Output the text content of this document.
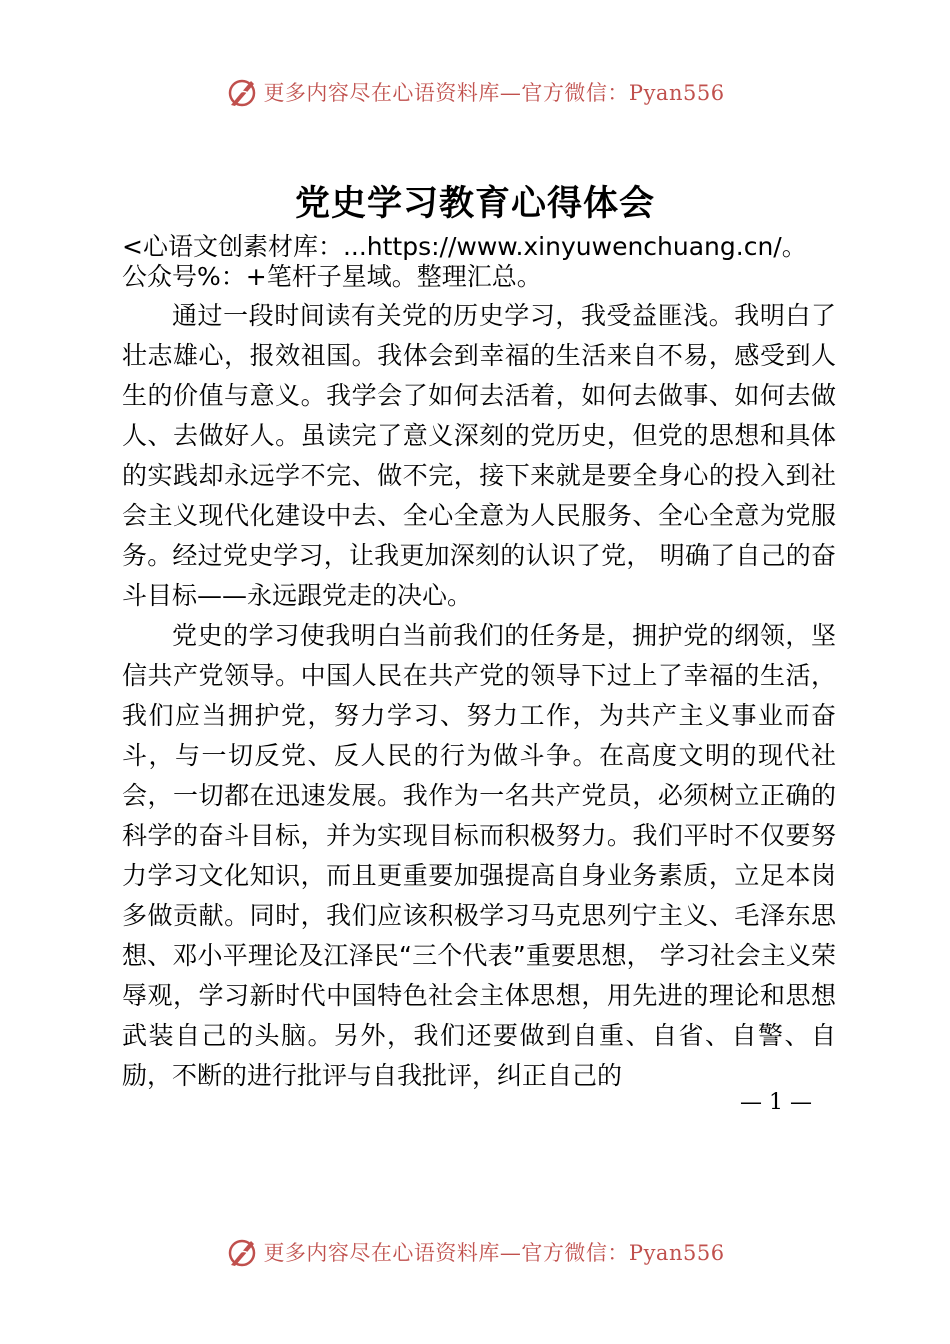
更多内容尽在心语资料库—官方微信：Pyan556
党史学习教育心得体会

<心语文创素材库：...https://www.xinyuwenchuang.cn/。

公众号%：+笔杆子星域。整理汇总。

通过一段时间读有关党的历史学习，我受益匪浅。我明白了壮志雄心，报效祖国。我体会到幸福的生活来自不易，感受到人生的价值与意义。我学会了如何去活着，如何去做事、如何去做人、去做好人。虽读完了意义深刻的党历史，但党的思想和具体的实践却永远学不完、做不完，接下来就是要全身心的投入到社会主义现代化建设中去、全心全意为人民服务、全心全意为党服务。经过党史学习，让我更加深刻的认识了党， 明确了自己的奋斗目标——永远跟党走的决心。

党史的学习使我明白当前我们的任务是，拥护党的纲领，坚信共产党领导。中国人民在共产党的领导下过上了幸福的生活，我们应当拥护党，努力学习、努力工作，为共产主义事业而奋斗，与一切反党、反人民的行为做斗争。在高度文明的现代社会，一切都在迅速发展。我作为一名共产党员，必须树立正确的科学的奋斗目标，并为实现目标而积极努力。我们平时不仅要努力学习文化知识，而且更重要加强提高自身业务素质，立足本岗多做贡献。同时，我们应该积极学习马克思列宁主义、毛泽东思想、邓小平理论及江泽民“三个代表”重要思想， 学习社会主义荣辱观，学习新时代中国特色社会主体思想，用先进的理论和思想武装自己的头脑。另外，我们还要做到自重、自省、自警、自励，不断的进行批评与自我批评，纠正自己的

— 1 —
更多内容尽在心语资料库—官方微信：Pyan556
